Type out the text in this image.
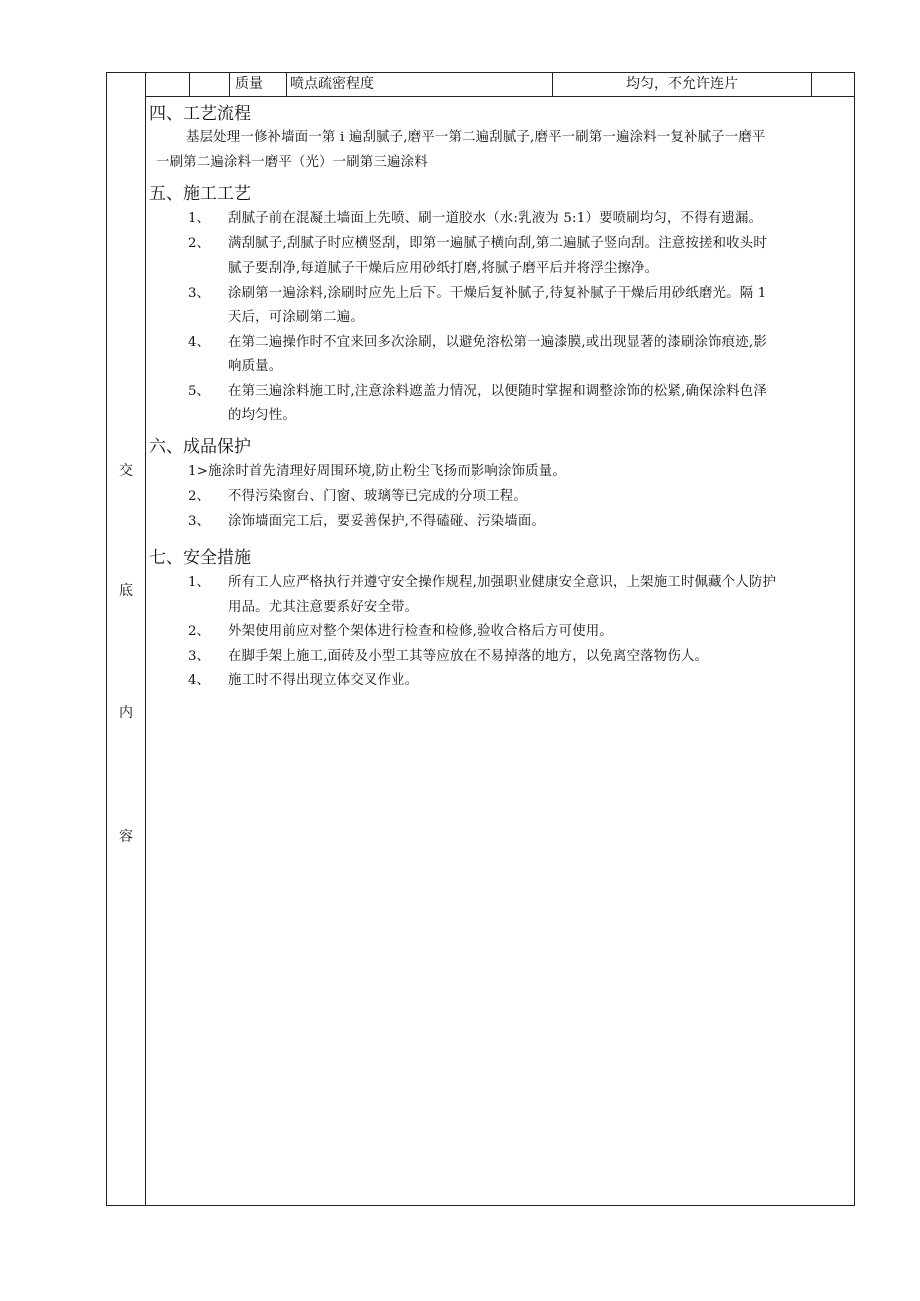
交
底
内
容
质量	喷点疏密程度	均匀，不允许连片
四、工艺流程
基层处理一修补墙面一第 i 遍刮腻子,磨平一第二遍刮腻子,磨平一刷第一遍涂料一复补腻子一磨平
一刷第二遍涂料一磨平（光）一刷第三遍涂料
五、施工工艺
1、 刮腻子前在混凝土墙面上先喷、刷一道胶水（水:乳液为 5:1）要喷刷均匀，不得有遗漏。
2、 满刮腻子,刮腻子时应横竖刮，即第一遍腻子横向刮,第二遍腻子竖向刮。注意按搓和收头时
腻子要刮净,每道腻子干燥后应用砂纸打磨,将腻子磨平后并将浮尘擦净。
3、 涂刷第一遍涂料,涂刷时应先上后下。干燥后复补腻子,待复补腻子干燥后用砂纸磨光。隔 1
天后，可涂刷第二遍。
4、 在第二遍操作时不宜来回多次涂刷，以避免溶松第一遍漆膜,或出现显著的漆刷涂饰痕迹,影
响质量。
5、 在第三遍涂料施工时,注意涂料遮盖力情况，以便随时掌握和调整涂饰的松紧,确保涂料色泽
的均匀性。
六、成品保护
1>施涂时首先清理好周围环境,防止粉尘飞扬而影响涂饰质量。
2、 不得污染窗台、门窗、玻璃等已完成的分项工程。
3、 涂饰墙面完工后，要妥善保护,不得磕碰、污染墙面。
七、安全措施
1、 所有工人应严格执行并遵守安全操作规程,加强职业健康安全意识，上架施工时佩藏个人防护
用品。尤其注意要系好安全带。
2、 外架使用前应对整个架体进行检查和检修,验收合格后方可使用。
3、 在脚手架上施工,面砖及小型工其等应放在不易掉落的地方，以免离空落物伤人。
4、 施工时不得出现立体交叉作业。
